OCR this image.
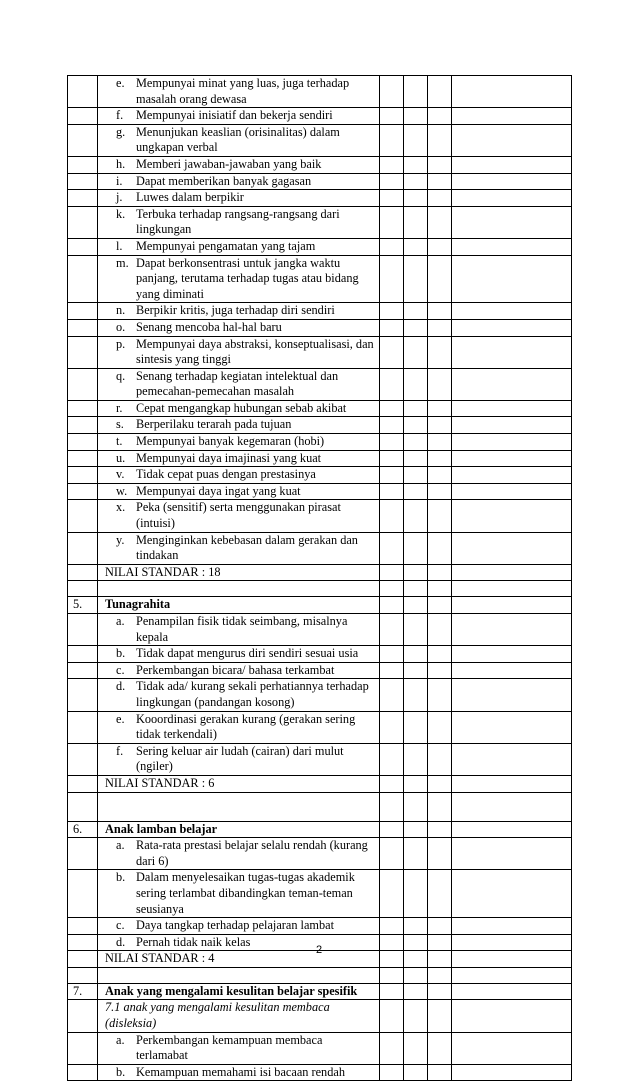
	e. Mempunyai minat yang luas, juga terhadap masalah orang dewasa				

	f. Mempunyai inisiatif dan bekerja sendiri				

	g. Menunjukan keaslian (orisinalitas) dalam ungkapan verbal				

	h. Memberi jawaban-jawaban yang baik				

	i. Dapat memberikan banyak gagasan				

	j. Luwes dalam berpikir				

	k. Terbuka terhadap rangsang-rangsang dari lingkungan				

	l. Mempunyai pengamatan yang tajam				

	m. Dapat berkonsentrasi untuk jangka waktu panjang, terutama terhadap tugas atau bidang yang diminati				

	n. Berpikir kritis, juga terhadap diri sendiri				

	o. Senang mencoba hal-hal baru				

	p. Mempunyai daya abstraksi, konseptualisasi, dan sintesis yang tinggi				

	q. Senang terhadap kegiatan intelektual dan pemecahan-pemecahan masalah				

	r. Cepat mengangkap hubungan sebab akibat				

	s. Berperilaku terarah pada tujuan				

	t. Mempunyai banyak kegemaran (hobi)				

	u. Mempunyai daya imajinasi yang kuat				

	v. Tidak cepat puas dengan prestasinya				

	w. Mempunyai daya ingat yang kuat				

	x. Peka (sensitif) serta menggunakan pirasat (intuisi)				

	y. Menginginkan kebebasan dalam gerakan dan tindakan				

	NILAI STANDAR : 18				

5.	Tunagrahita				

	a. Penampilan fisik tidak seimbang, misalnya kepala				

	b. Tidak dapat mengurus diri sendiri sesuai usia				

	c. Perkembangan bicara/ bahasa terkambat				

	d. Tidak ada/ kurang sekali perhatiannya terhadap lingkungan (pandangan kosong)				

	e. Kooordinasi gerakan kurang (gerakan sering tidak terkendali)				

	f. Sering keluar air ludah (cairan) dari mulut (ngiler)				

	NILAI STANDAR : 6				

6.	Anak lamban belajar				

	a. Rata-rata prestasi belajar selalu rendah (kurang dari 6)				

	b. Dalam menyelesaikan tugas-tugas akademik sering terlambat dibandingkan teman-teman seusianya				

	c. Daya tangkap terhadap pelajaran lambat				

	d. Pernah tidak naik kelas				

	NILAI STANDAR : 4				

7.	Anak yang mengalami kesulitan belajar spesifik				
	7.1 anak yang mengalami kesulitan membaca (disleksia)				

	a. Perkembangan kemampuan membaca terlamabat				

	b. Kemampuan memahami isi bacaan rendah				

2
